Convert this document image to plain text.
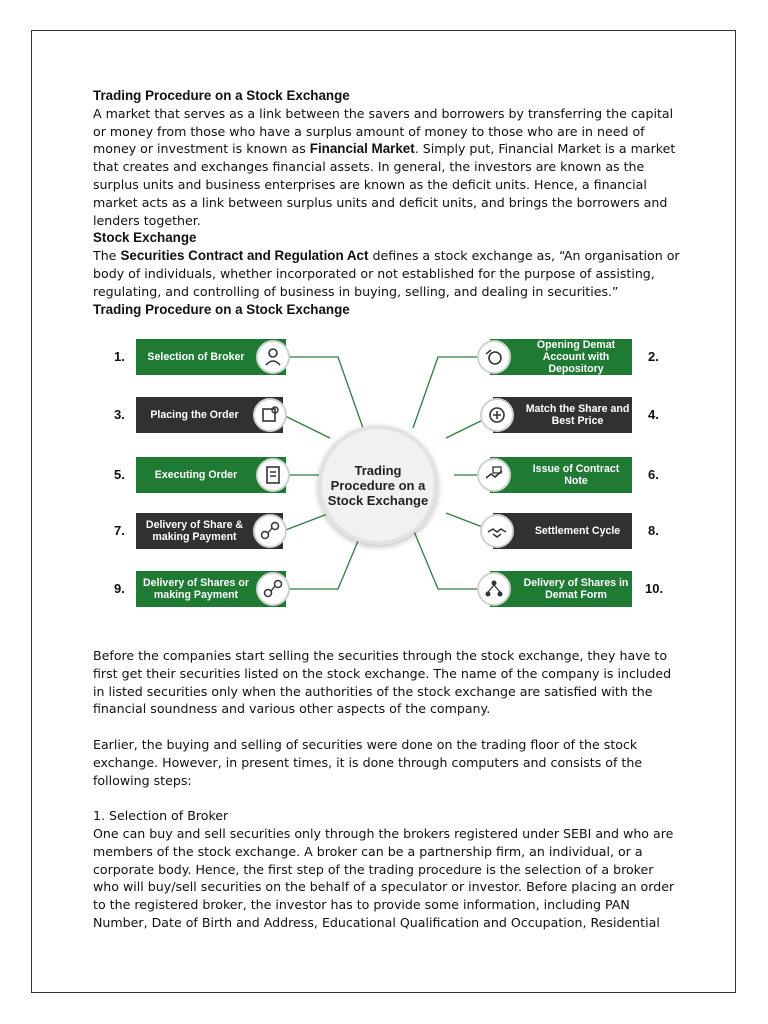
Trading Procedure on a Stock Exchange

A market that serves as a link between the savers and borrowers by transferring the capital or money from those who have a surplus amount of money to those who are in need of money or investment is known as Financial Market. Simply put, Financial Market is a market that creates and exchanges financial assets. In general, the investors are known as the surplus units and business enterprises are known as the deficit units. Hence, a financial market acts as a link between surplus units and deficit units, and brings the borrowers and lenders together.

Stock Exchange

The Securities Contract and Regulation Act defines a stock exchange as, “An organisation or body of individuals, whether incorporated or not established for the purpose of assisting, regulating, and controlling of business in buying, selling, and dealing in securities.”

Trading Procedure on a Stock Exchange

Trading Procedure on a Stock Exchange
1.	Selection of Broker	2.
Opening Demat Account with Depository
3.	Placing the Order	4.
Match the Share and Best Price
5.	Executing Order	6.
Issue of Contract Note
7.	Delivery of Share & making Payment	8.
Settlement Cycle
9.	Delivery of Shares or making Payment	10.
Delivery of Shares in Demat Form

Before the companies start selling the securities through the stock exchange, they have to first get their securities listed on the stock exchange. The name of the company is included in listed securities only when the authorities of the stock exchange are satisfied with the financial soundness and various other aspects of the company.

Earlier, the buying and selling of securities were done on the trading floor of the stock exchange. However, in present times, it is done through computers and consists of the following steps:

1. Selection of Broker

One can buy and sell securities only through the brokers registered under SEBI and who are members of the stock exchange. A broker can be a partnership firm, an individual, or a corporate body. Hence, the first step of the trading procedure is the selection of a broker who will buy/sell securities on the behalf of a speculator or investor. Before placing an order to the registered broker, the investor has to provide some information, including PAN Number, Date of Birth and Address, Educational Qualification and Occupation, Residential
